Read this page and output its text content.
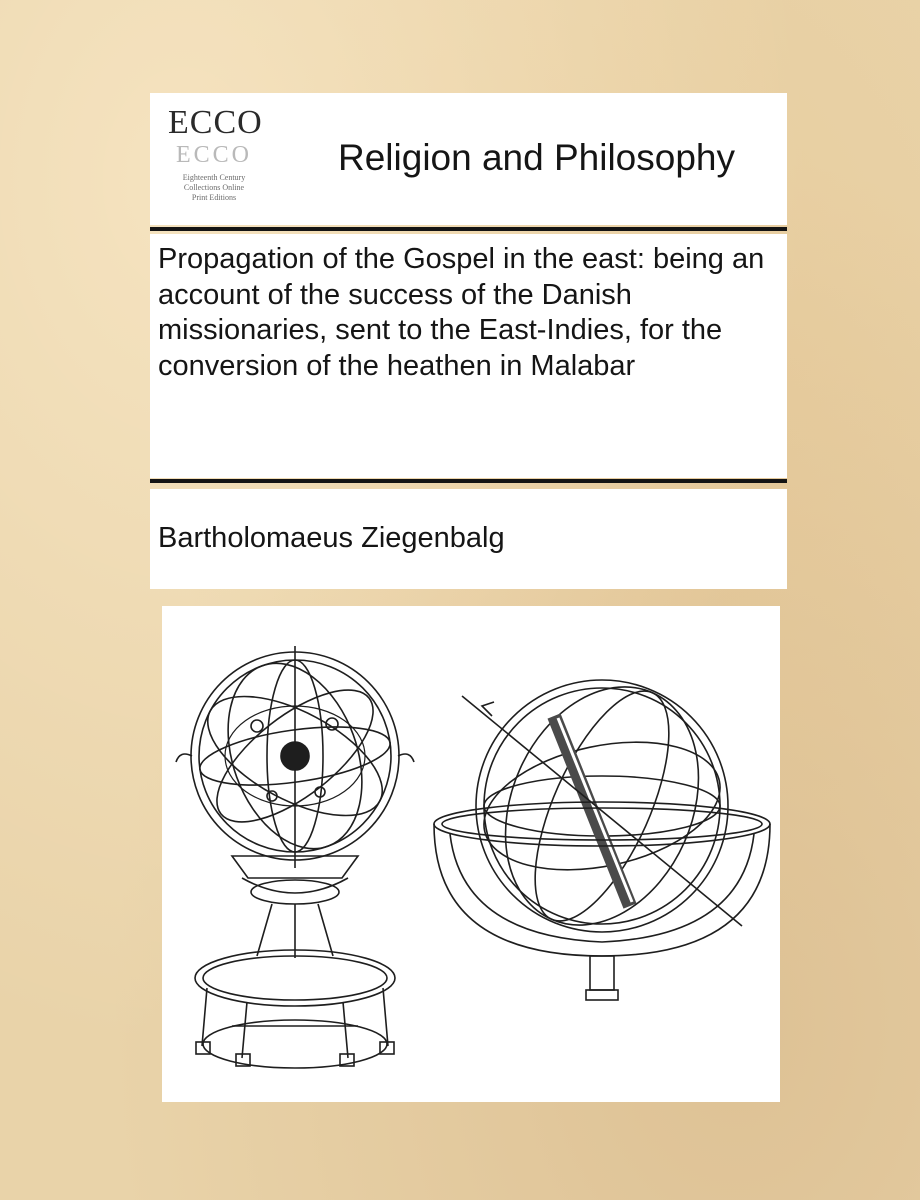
ECCO
ECCO
Eighteenth Century
Collections Online
Print Editions
Religion and Philosophy
Propagation of the Gospel in the east: being an account of the success of the Danish missionaries, sent to the East-Indies, for the conversion of the heathen in Malabar
Bartholomaeus Ziegenbalg
